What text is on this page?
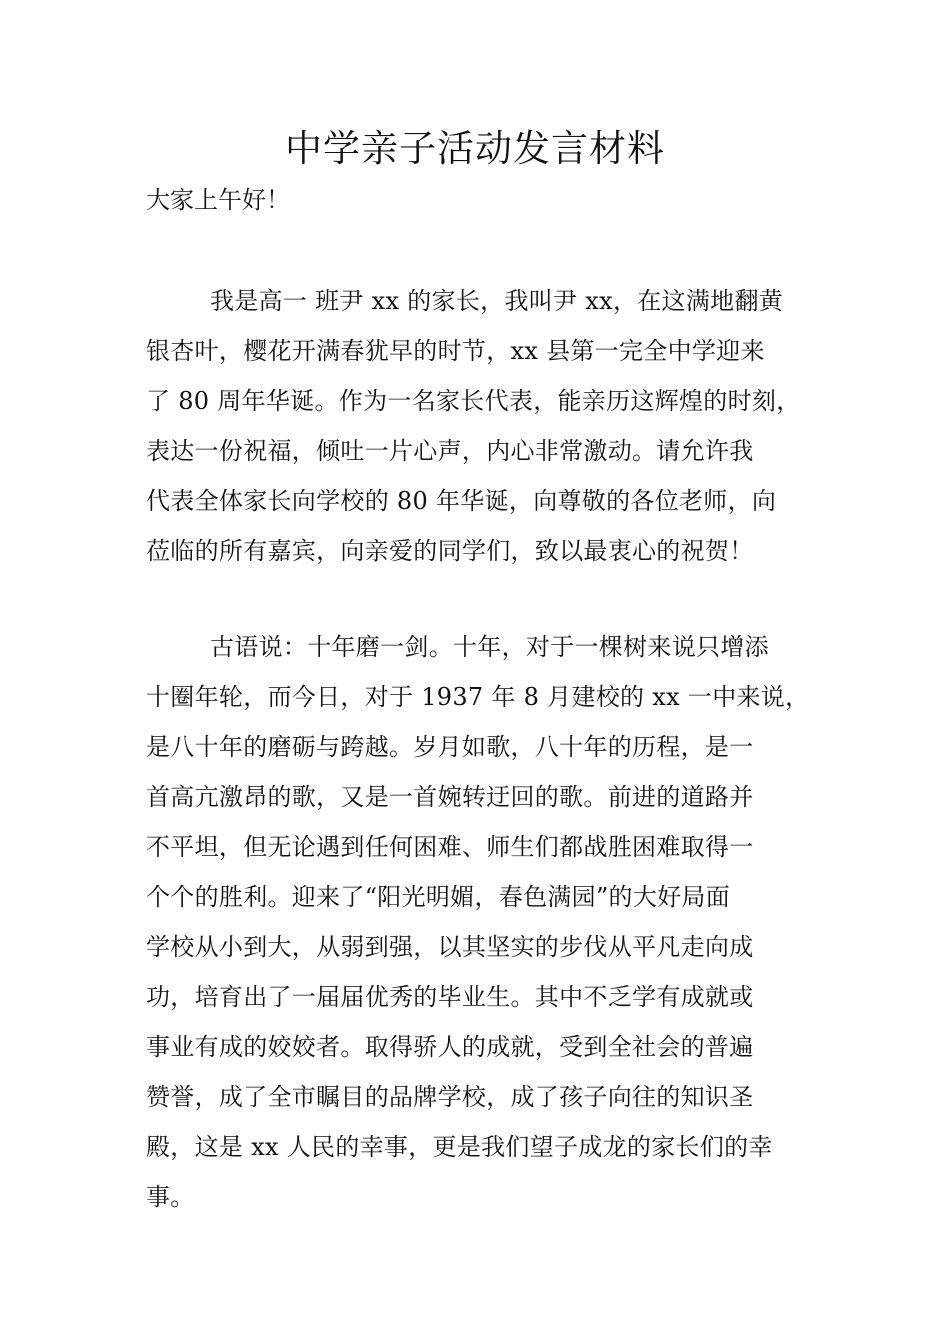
中学亲子活动发言材料

大家上午好！

我是高一 班尹 xx 的家长，我叫尹 xx，在这满地翻黄
银杏叶，樱花开满春犹早的时节，xx 县第一完全中学迎来
了 80 周年华诞。作为一名家长代表，能亲历这辉煌的时刻，
表达一份祝福，倾吐一片心声，内心非常激动。请允许我
代表全体家长向学校的 80 年华诞，向尊敬的各位老师，向
莅临的所有嘉宾，向亲爱的同学们，致以最衷心的祝贺！
古语说：十年磨一剑。十年，对于一棵树来说只增添
十圈年轮，而今日，对于 1937 年 8 月建校的 xx 一中来说，
是八十年的磨砺与跨越。岁月如歌，八十年的历程，是一
首高亢激昂的歌，又是一首婉转迂回的歌。前进的道路并
不平坦，但无论遇到任何困难、师生们都战胜困难取得一
个个的胜利。迎来了“阳光明媚，春色满园”的大好局面
学校从小到大，从弱到强，以其坚实的步伐从平凡走向成
功，培育出了一届届优秀的毕业生。其中不乏学有成就或
事业有成的姣姣者。取得骄人的成就，受到全社会的普遍
赞誉，成了全市瞩目的品牌学校，成了孩子向往的知识圣
殿，这是 xx 人民的幸事，更是我们望子成龙的家长们的幸
事。
